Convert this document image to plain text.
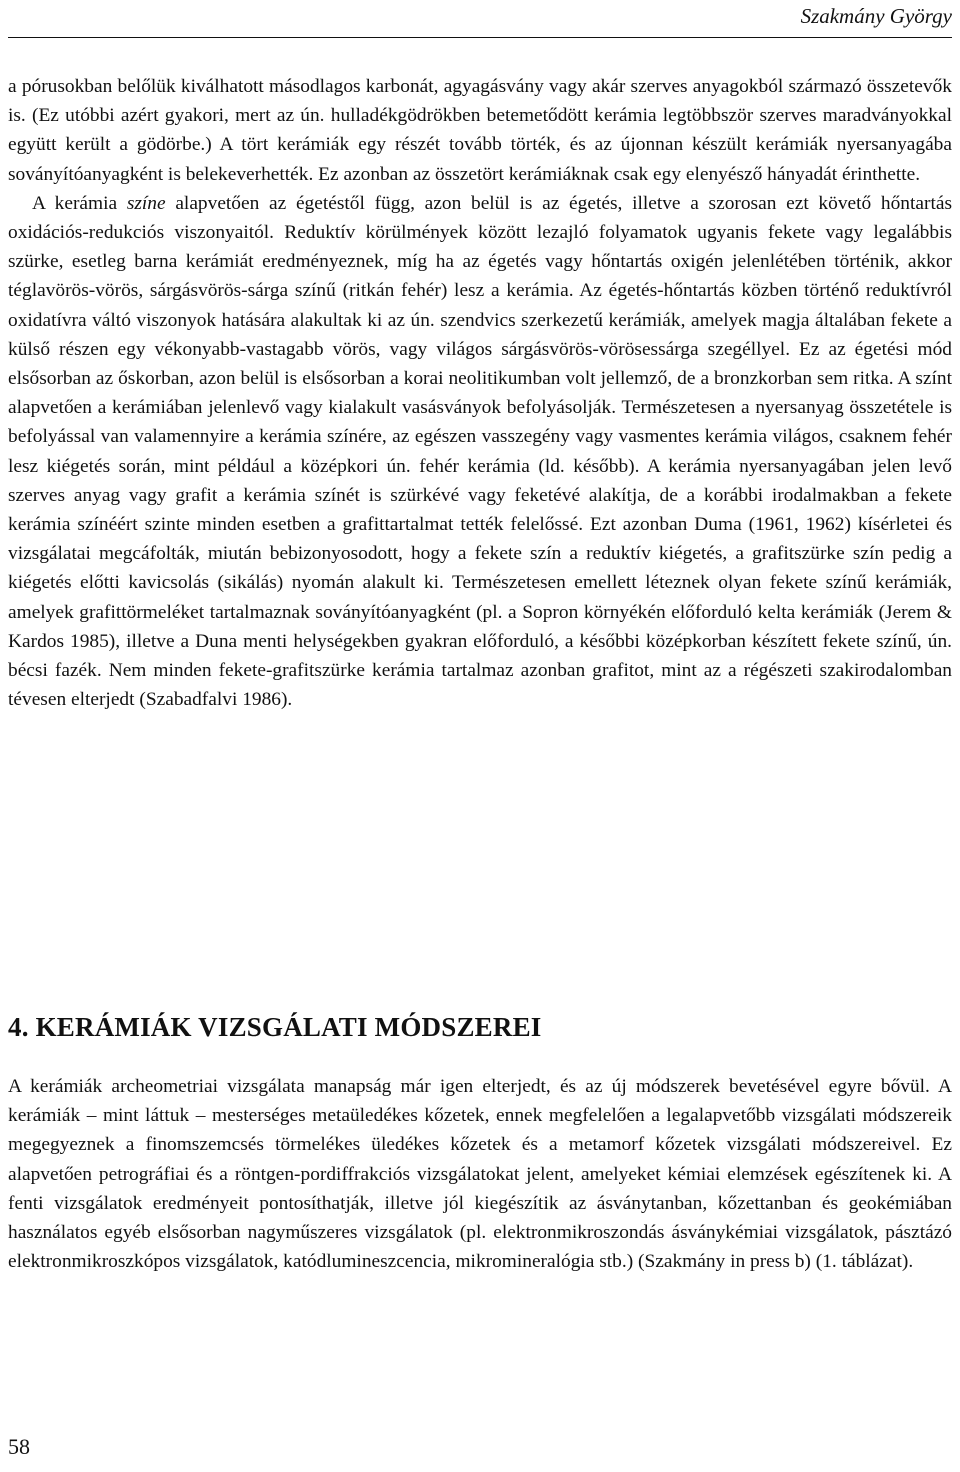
Szakmány György

a pórusokban belőlük kiválhatott másodlagos karbonát, agyagásvány vagy akár szerves anyagokból származó összetevők is. (Ez utóbbi azért gyakori, mert az ún. hulladékgödrökben betemetődött kerámia legtöbbször szerves maradványokkal együtt került a gödörbe.) A tört kerámiák egy részét tovább törték, és az újonnan készült kerámiák nyersanyagába soványítóanyagként is belekeverhették. Ez azonban az összetört kerámiáknak csak egy elenyésző hányadát érinthette.

A kerámia színe alapvetően az égetéstől függ, azon belül is az égetés, illetve a szorosan ezt követő hőntartás oxidációs-redukciós viszonyaitól. Reduktív körülmények között lezajló folyamatok ugyanis fekete vagy legalábbis szürke, esetleg barna kerámiát eredményeznek, míg ha az égetés vagy hőntartás oxigén jelenlétében történik, akkor téglavörös-vörös, sárgásvörös-sárga színű (ritkán fehér) lesz a kerámia. Az égetés-hőntartás közben történő reduktívról oxidatívra váltó viszonyok hatására alakultak ki az ún. szendvics szerkezetű kerámiák, amelyek magja általában fekete a külső részen egy vékonyabb-vastagabb vörös, vagy világos sárgásvörös-vörösessárga szegéllyel. Ez az égetési mód elsősorban az őskorban, azon belül is elsősorban a korai neolitikumban volt jellemző, de a bronzkorban sem ritka. A színt alapvetően a kerámiában jelenlevő vagy kialakult vasásványok befolyásolják. Természetesen a nyersanyag összetétele is befolyással van valamennyire a kerámia színére, az egészen vasszegény vagy vasmentes kerámia világos, csaknem fehér lesz kiégetés során, mint például a középkori ún. fehér kerámia (ld. később). A kerámia nyersanyagában jelen levő szerves anyag vagy grafit a kerámia színét is szürkévé vagy feketévé alakítja, de a korábbi irodalmakban a fekete kerámia színéért szinte minden esetben a grafittartalmat tették felelőssé. Ezt azonban Duma (1961, 1962) kísérletei és vizsgálatai megcáfolták, miután bebizonyosodott, hogy a fekete szín a reduktív kiégetés, a grafitszürke szín pedig a kiégetés előtti kavicsolás (sikálás) nyomán alakult ki. Természetesen emellett léteznek olyan fekete színű kerámiák, amelyek grafittörmeléket tartalmaznak soványítóanyagként (pl. a Sopron környékén előforduló kelta kerámiák (Jerem & Kardos 1985), illetve a Duna menti helységekben gyakran előforduló, a későbbi középkorban készített fekete színű, ún. bécsi fazék. Nem minden fekete-grafitszürke kerámia tartalmaz azonban grafitot, mint az a régészeti szakirodalomban tévesen elterjedt (Szabadfalvi 1986).

4. KERÁMIÁK VIZSGÁLATI MÓDSZEREI

A kerámiák archeometriai vizsgálata manapság már igen elterjedt, és az új módszerek bevetésével egyre bővül. A kerámiák – mint láttuk – mesterséges metaüledékes kőzetek, ennek megfelelően a legalapvetőbb vizsgálati módszereik megegyeznek a finomszemcsés törmelékes üledékes kőzetek és a metamorf kőzetek vizsgálati módszereivel. Ez alapvetően petrográfiai és a röntgen-pordiffrakciós vizsgálatokat jelent, amelyeket kémiai elemzések egészítenek ki. A fenti vizsgálatok eredményeit pontosíthatják, illetve jól kiegészítik az ásványtanban, kőzettanban és geokémiában használatos egyéb elsősorban nagyműszeres vizsgálatok (pl. elektronmikroszondás ásványkémiai vizsgálatok, pásztázó elektronmikroszkópos vizsgálatok, katódlumineszcencia, mikromineralógia stb.) (Szakmány in press b) (1. táblázat).

58
